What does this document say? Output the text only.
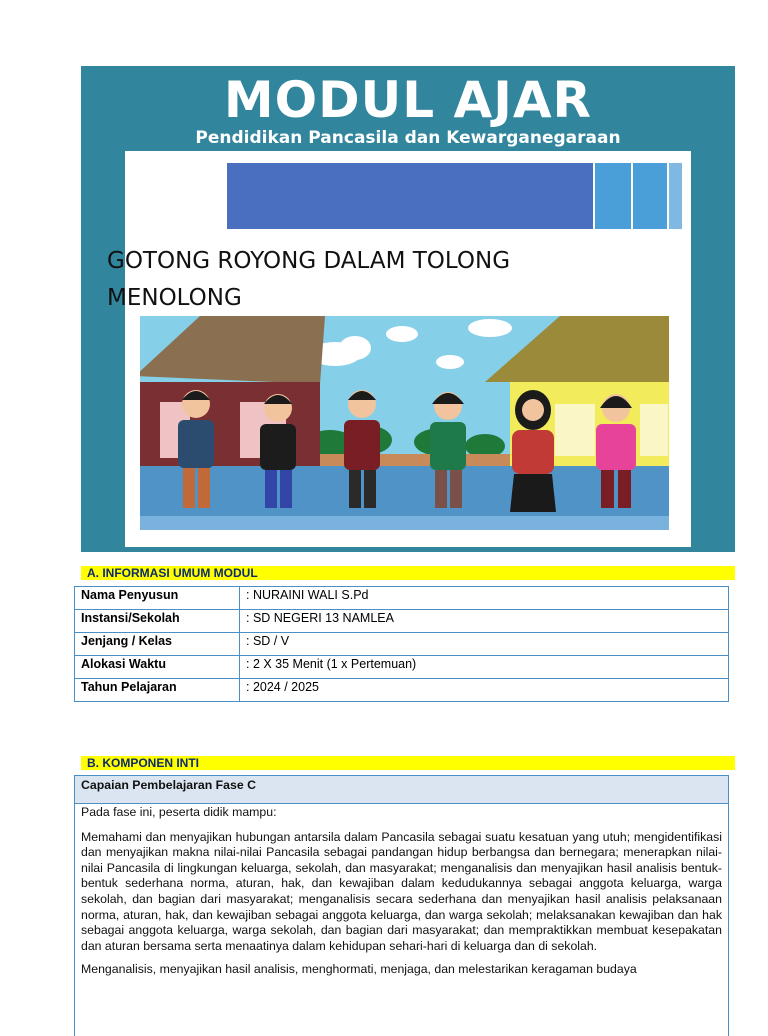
MODUL AJAR
Pendidikan Pancasila dan Kewarganegaraan
GOTONG ROYONG DALAM TOLONG
MENOLONG
A. INFORMASI UMUM MODUL
Nama Penyusun	: NURAINI WALI S.Pd
Instansi/Sekolah	: SD NEGERI 13 NAMLEA
Jenjang / Kelas	: SD / V
Alokasi Waktu	: 2 X 35 Menit (1 x Pertemuan)
Tahun Pelajaran	: 2024 / 2025
B. KOMPONEN INTI
Capaian Pembelajaran Fase C

Pada fase ini, peserta didik mampu:

Memahami dan menyajikan hubungan antarsila dalam Pancasila sebagai suatu kesatuan yang utuh; mengidentifikasi dan menyajikan makna nilai-nilai Pancasila sebagai pandangan hidup berbangsa dan bernegara; menerapkan nilai-nilai Pancasila di lingkungan keluarga, sekolah, dan masyarakat; menganalisis dan menyajikan hasil analisis bentuk-bentuk sederhana norma, aturan, hak, dan kewajiban dalam kedudukannya sebagai anggota keluarga, warga sekolah, dan bagian dari masyarakat; menganalisis secara sederhana dan menyajikan hasil analisis pelaksanaan norma, aturan, hak, dan kewajiban sebagai anggota keluarga, dan warga sekolah; melaksanakan kewajiban dan hak sebagai anggota keluarga, warga sekolah, dan bagian dari masyarakat; dan mempraktikkan membuat kesepakatan dan aturan bersama serta menaatinya dalam kehidupan sehari-hari di keluarga dan di sekolah.

Menganalisis, menyajikan hasil analisis, menghormati, menjaga, dan melestarikan keragaman budaya
